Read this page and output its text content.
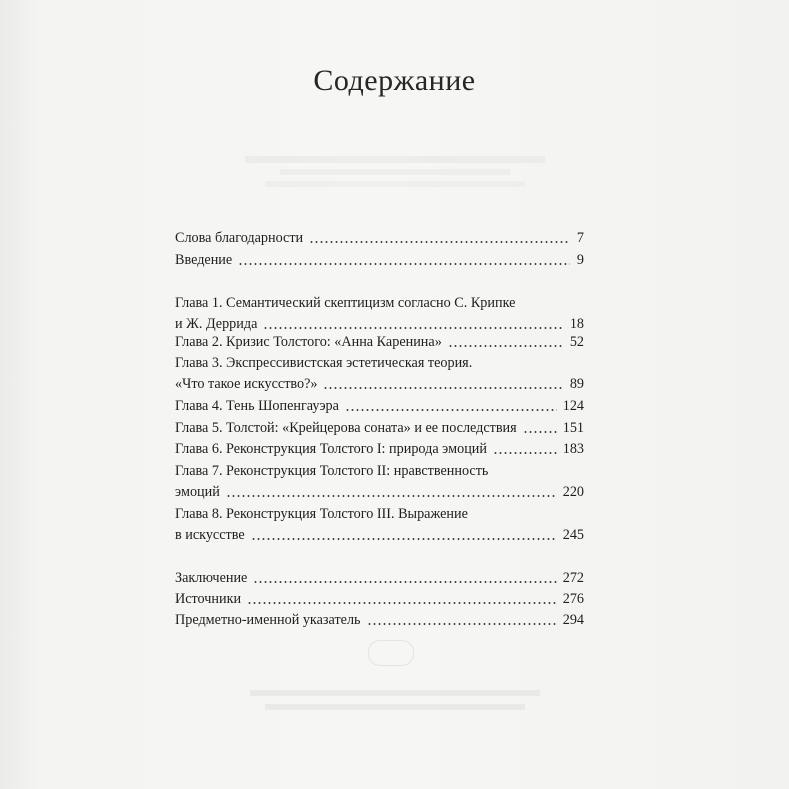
Содержание
Слова благодарности	7
Введение	9
Глава 1. Семантический скептицизм согласно С. Крипке
и Ж. Деррида	18
Глава 2. Кризис Толстого: «Анна Каренина»	52
Глава 3. Экспрессивистская эстетическая теория.
«Что такое искусство?»	89
Глава 4. Тень Шопенгауэра	124
Глава 5. Толстой: «Крейцерова соната» и ее последствия	151
Глава 6. Реконструкция Толстого I: природа эмоций	183
Глава 7. Реконструкция Толстого II: нравственность
эмоций	220
Глава 8. Реконструкция Толстого III. Выражение
в искусстве	245
Заключение	272
Источники	276
Предметно-именной указатель	294
